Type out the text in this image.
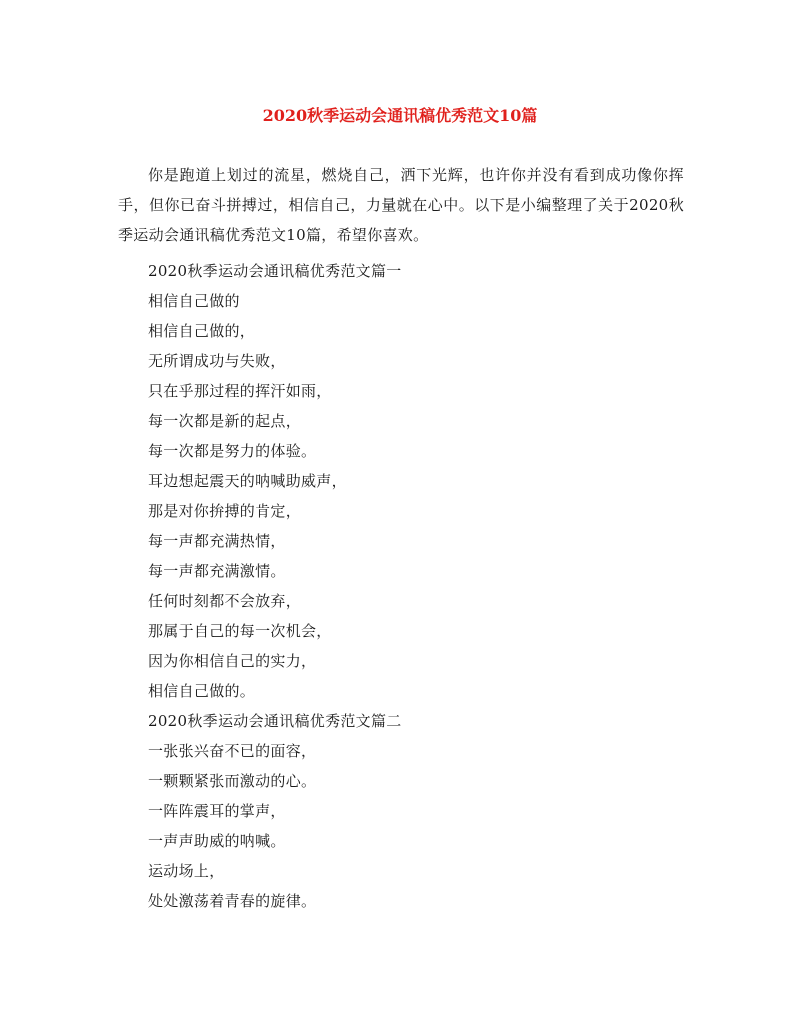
2020秋季运动会通讯稿优秀范文10篇

你是跑道上划过的流星，燃烧自己，洒下光辉，也许你并没有看到成功像你挥手，但你已奋斗拼搏过，相信自己，力量就在心中。以下是小编整理了关于2020秋季运动会通讯稿优秀范文10篇，希望你喜欢。

2020秋季运动会通讯稿优秀范文篇一
相信自己做的
相信自己做的，
无所谓成功与失败，
只在乎那过程的挥汗如雨，
每一次都是新的起点，
每一次都是努力的体验。
耳边想起震天的呐喊助威声，
那是对你拚搏的肯定，
每一声都充满热情，
每一声都充满激情。
任何时刻都不会放弃，
那属于自己的每一次机会，
因为你相信自己的实力，
相信自己做的。
2020秋季运动会通讯稿优秀范文篇二
一张张兴奋不已的面容，
一颗颗紧张而激动的心。
一阵阵震耳的掌声，
一声声助威的呐喊。
运动场上，
处处激荡着青春的旋律。
